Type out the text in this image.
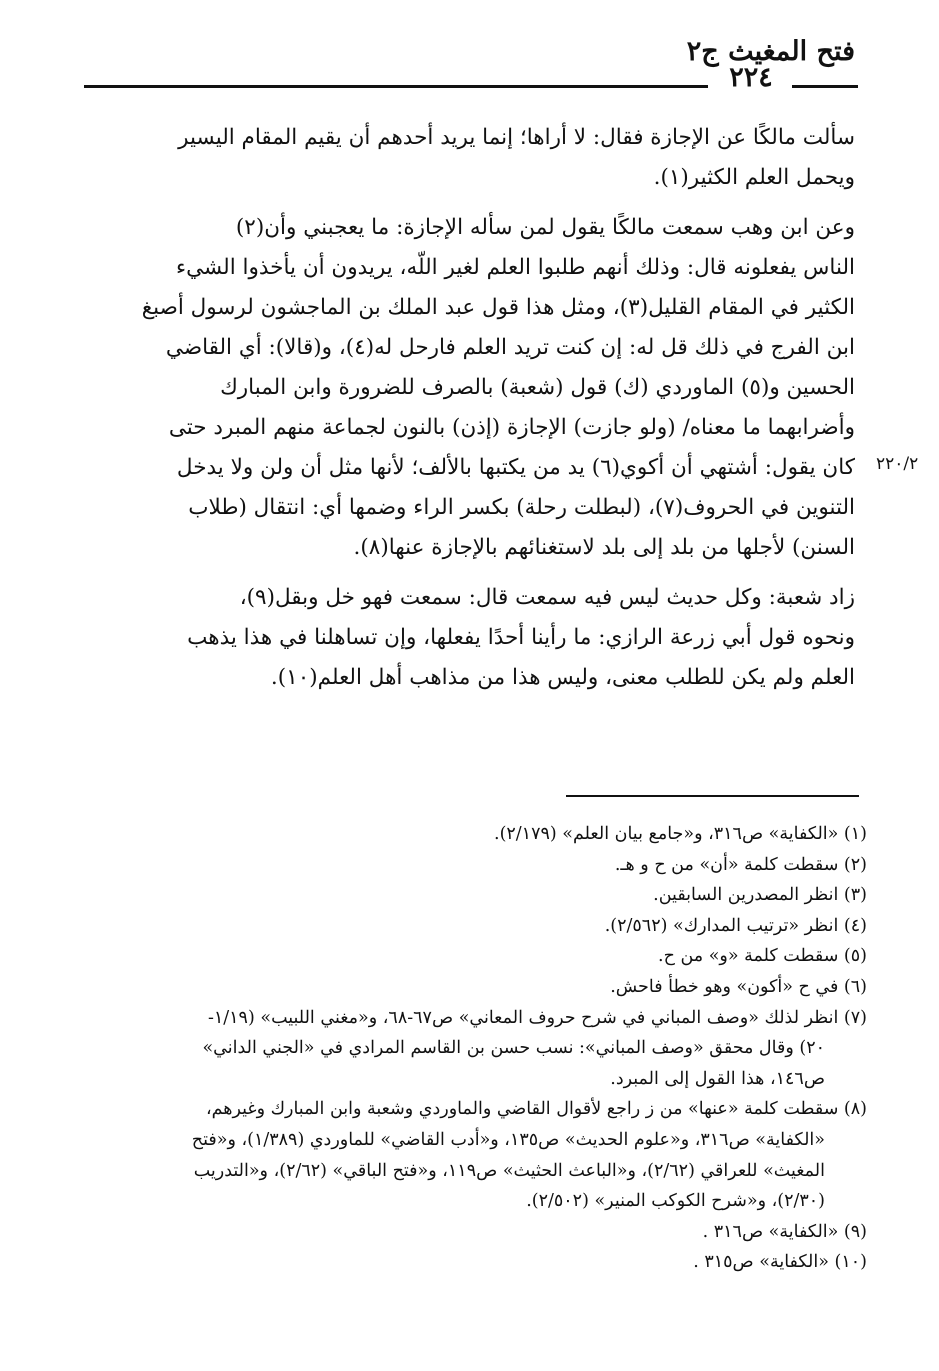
فتح المغيث ج٢
٢٢٤
٢٢٠/٢
سألت مالكًا عن الإجازة فقال: لا أراها؛ إنما يريد أحدهم أن يقيم المقام اليسير
ويحمل العلم الكثير(١).
وعن ابن وهب سمعت مالكًا يقول لمن سأله الإجازة: ما يعجبني وأن(٢)
الناس يفعلونه قال: وذلك أنهم طلبوا العلم لغير اللّه، يريدون أن يأخذوا الشيء
الكثير في المقام القليل(٣)، ومثل هذا قول عبد الملك بن الماجشون لرسول أصبغ
ابن الفرج في ذلك قل له: إن كنت تريد العلم فارحل له(٤)، و(قالا): أي القاضي
الحسين و(٥) الماوردي (ك) قول (شعبة) بالصرف للضرورة وابن المبارك
وأضرابهما ما معناه/ (ولو جازت) الإجازة (إذن) بالنون لجماعة منهم المبرد حتى
كان يقول: أشتهي أن أكوي(٦) يد من يكتبها بالألف؛ لأنها مثل أن ولن ولا يدخل
التنوين في الحروف(٧)، (لبطلت رحلة) بكسر الراء وضمها أي: انتقال (طلاب
السنن) لأجلها من بلد إلى بلد لاستغنائهم بالإجازة عنها(٨).
زاد شعبة: وكل حديث ليس فيه سمعت قال: سمعت فهو خل وبقل(٩)،
ونحوه قول أبي زرعة الرازي: ما رأينا أحدًا يفعلها، وإن تساهلنا في هذا يذهب
العلم ولم يكن للطلب معنى، وليس هذا من مذاهب أهل العلم(١٠).
(١) «الكفاية» ص٣١٦، و«جامع بيان العلم» (٢/١٧٩).
(٢) سقطت كلمة «أن» من ح و هـ.
(٣) انظر المصدرين السابقين.
(٤) انظر «ترتيب المدارك» (٢/٥٦٢).
(٥) سقطت كلمة «و» من ح.
(٦) في ح «أكون» وهو خطأ فاحش.
(٧) انظر لذلك «وصف المباني في شرح حروف المعاني» ص٦٧-٦٨، و«مغني اللبيب» (١/١٩-
٢٠) وقال محقق «وصف المباني»: نسب حسن بن القاسم المرادي في «الجني الداني»
ص١٤٦، هذا القول إلى المبرد.
(٨) سقطت كلمة «عنها» من ز راجع لأقوال القاضي والماوردي وشعبة وابن المبارك وغيرهم،
«الكفاية» ص٣١٦، و«علوم الحديث» ص١٣٥، و«أدب القاضي» للماوردي (١/٣٨٩)، و«فتح
المغيث» للعراقي (٢/٦٢)، و«الباعث الحثيث» ص١١٩، و«فتح الباقي» (٢/٦٢)، و«التدريب
(٢/٣٠)، و«شرح الكوكب المنير» (٢/٥٠٢).
(٩) «الكفاية» ص٣١٦ .
(١٠) «الكفاية» ص٣١٥ .
